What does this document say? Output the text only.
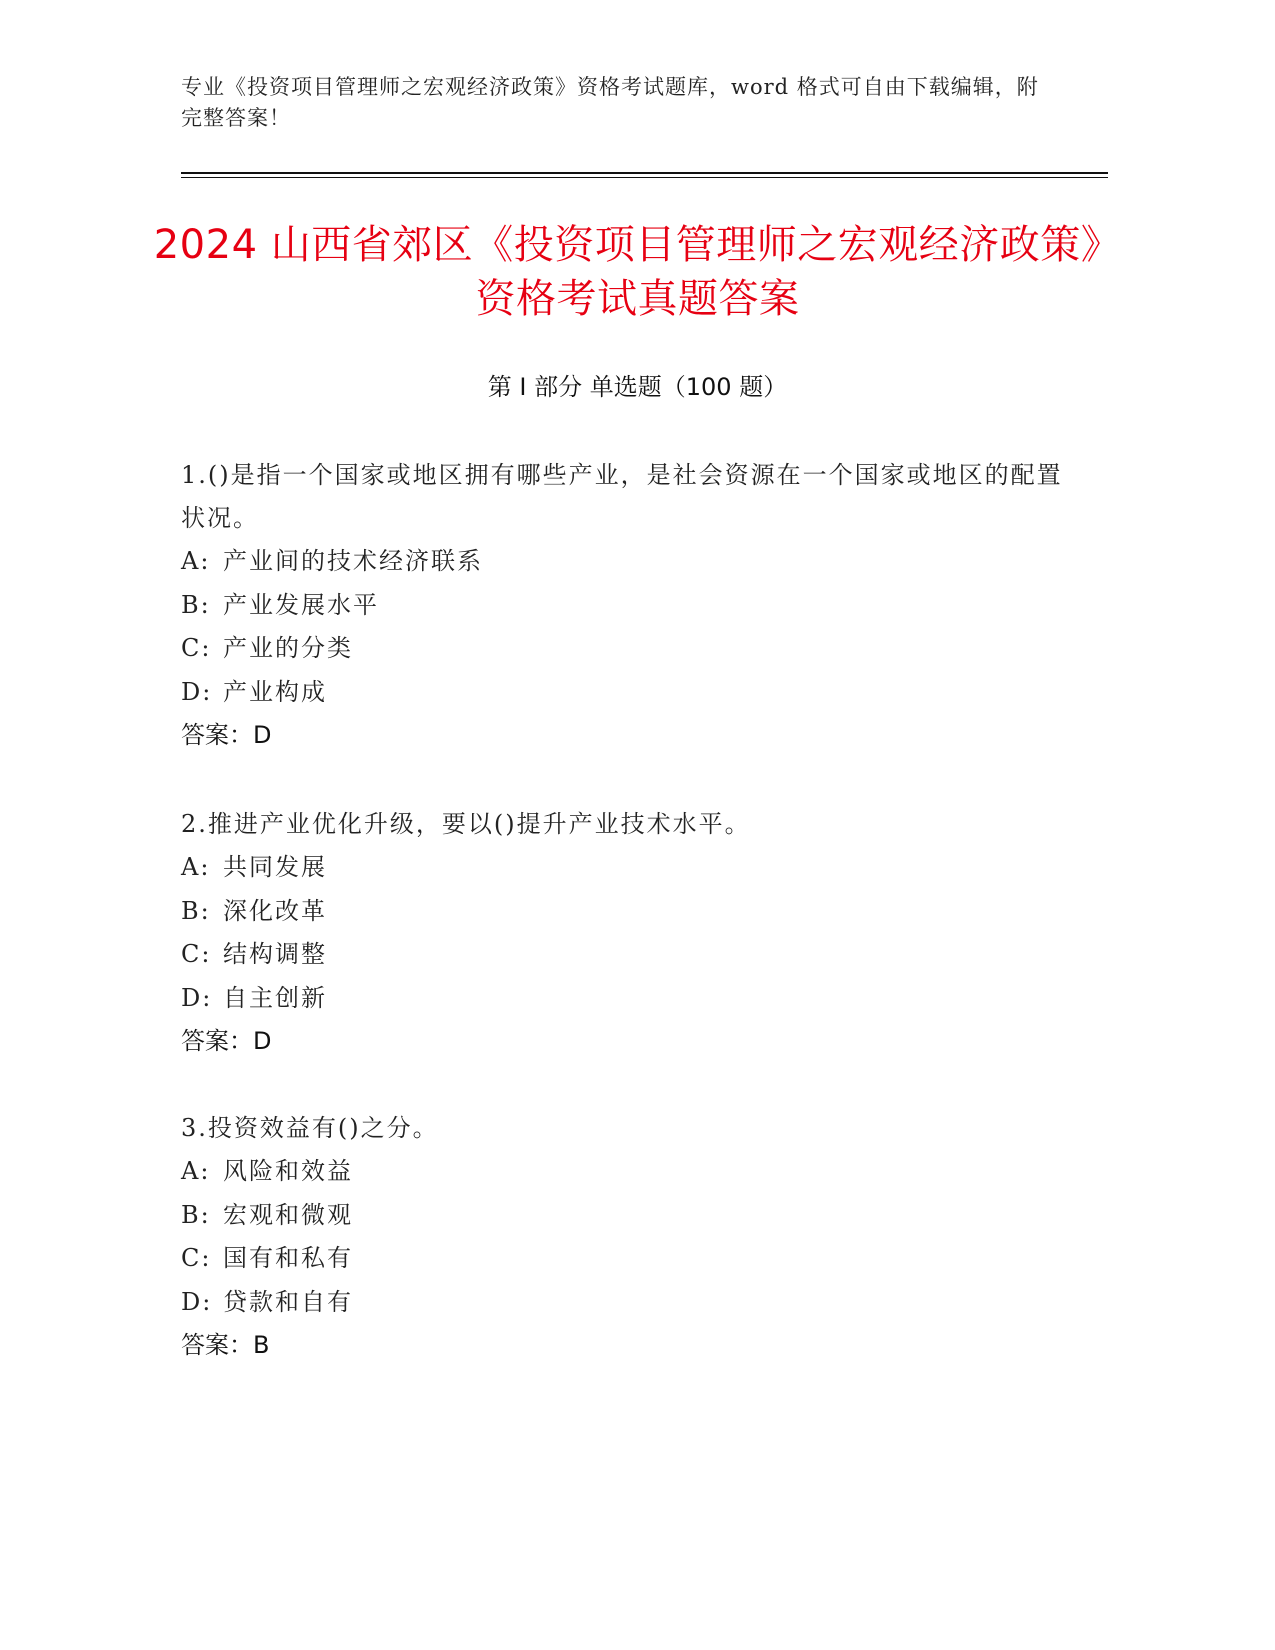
专业《投资项目管理师之宏观经济政策》资格考试题库，word 格式可自由下载编辑，附完整答案！
2024 山西省郊区《投资项目管理师之宏观经济政策》资格考试真题答案
第 I 部分 单选题（100 题）

1.()是指一个国家或地区拥有哪些产业，是社会资源在一个国家或地区的配置状况。

A: 产业间的技术经济联系

B: 产业发展水平

C: 产业的分类

D: 产业构成

答案：D

2.推进产业优化升级，要以()提升产业技术水平。

A: 共同发展

B: 深化改革

C: 结构调整

D: 自主创新

答案：D

3.投资效益有()之分。

A: 风险和效益

B: 宏观和微观

C: 国有和私有

D: 贷款和自有

答案：B
